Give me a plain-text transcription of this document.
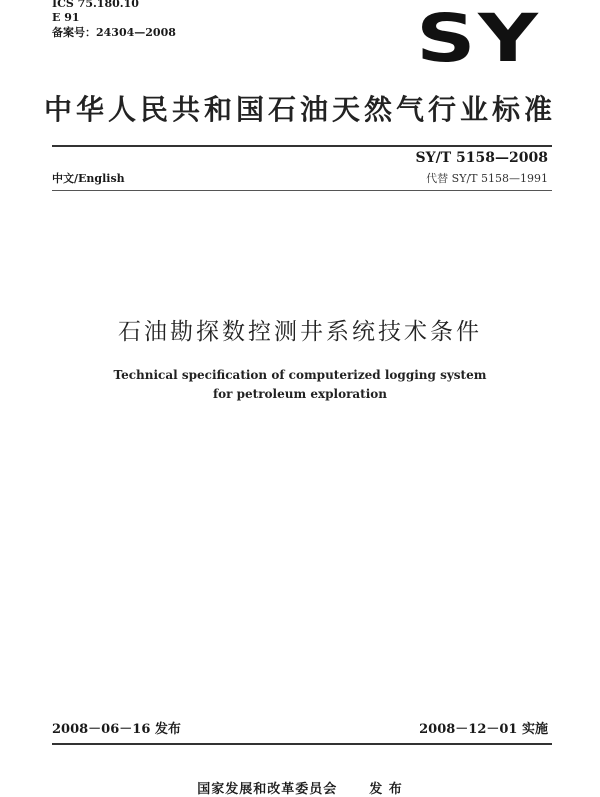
ICS 75.180.10
E 91
备案号：24304—2008	SY
中华人民共和国石油天然气行业标准
SY/T 5158—2008
中文/English	代替 SY/T 5158—1991
石油勘探数控测井系统技术条件
Technical specification of computerized logging system
for petroleum exploration
2008－06－16 发布	2008－12－01 实施
国家发展和改革委员会 发 布
